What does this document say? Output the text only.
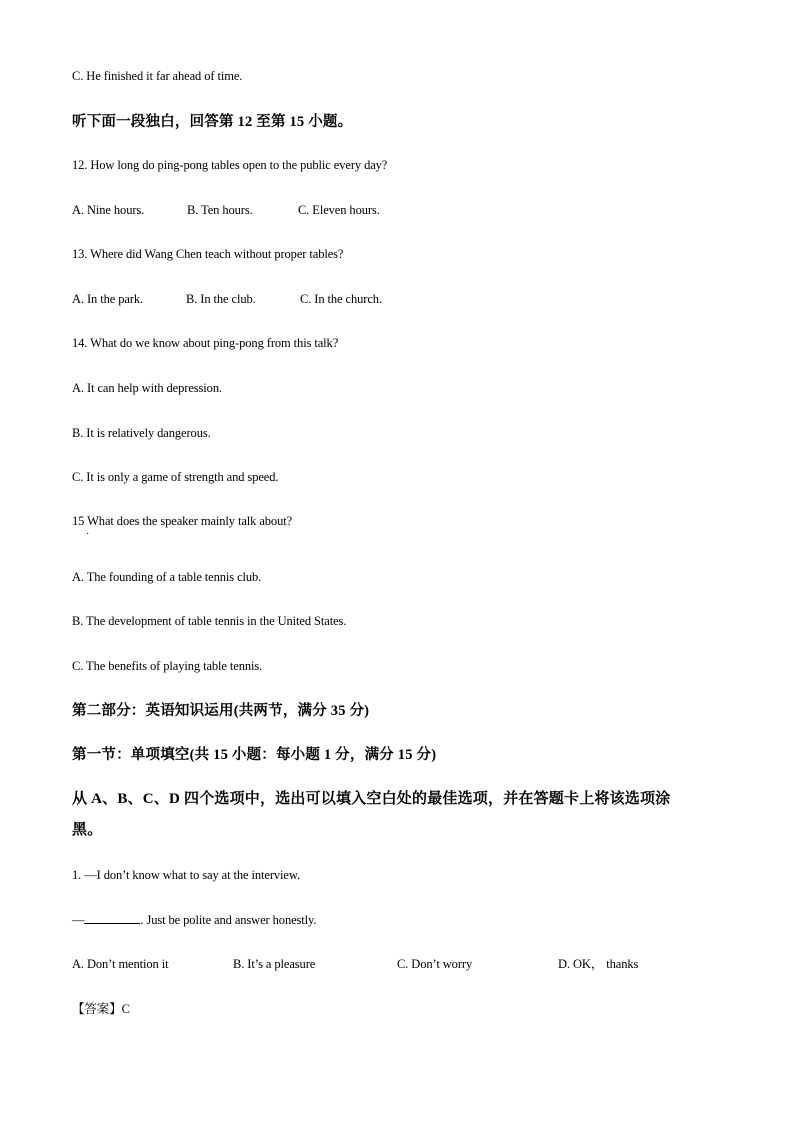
C. He finished it far ahead of time.
听下面一段独白，回答第 12 至第 15 小题。
12. How long do ping-pong tables open to the public every day?
A. Nine hours.	B. Ten hours.	C. Eleven hours.
13. Where did Wang Chen teach without proper tables?
A. In the park.	B. In the club.	C. In the church.
14. What do we know about ping-pong from this talk?
A. It can help with depression.
B. It is relatively dangerous.
C. It is only a game of strength and speed.
15 What does the speaker mainly talk about?
·
A. The founding of a table tennis club.
B. The development of table tennis in the United States.
C. The benefits of playing table tennis.
第二部分：英语知识运用(共两节，满分 35 分)
第一节：单项填空(共 15 小题：每小题 1 分，满分 15 分)
从 A、B、C、D 四个选项中，选出可以填入空白处的最佳选项，并在答题卡上将该选项涂
黑。
1. —I don’t know what to say at the interview.
—	. Just be polite and answer honestly.
A. Don’t mention it	B. It’s a pleasure	C. Don’t worry	D. OK， thanks
【答案】C
